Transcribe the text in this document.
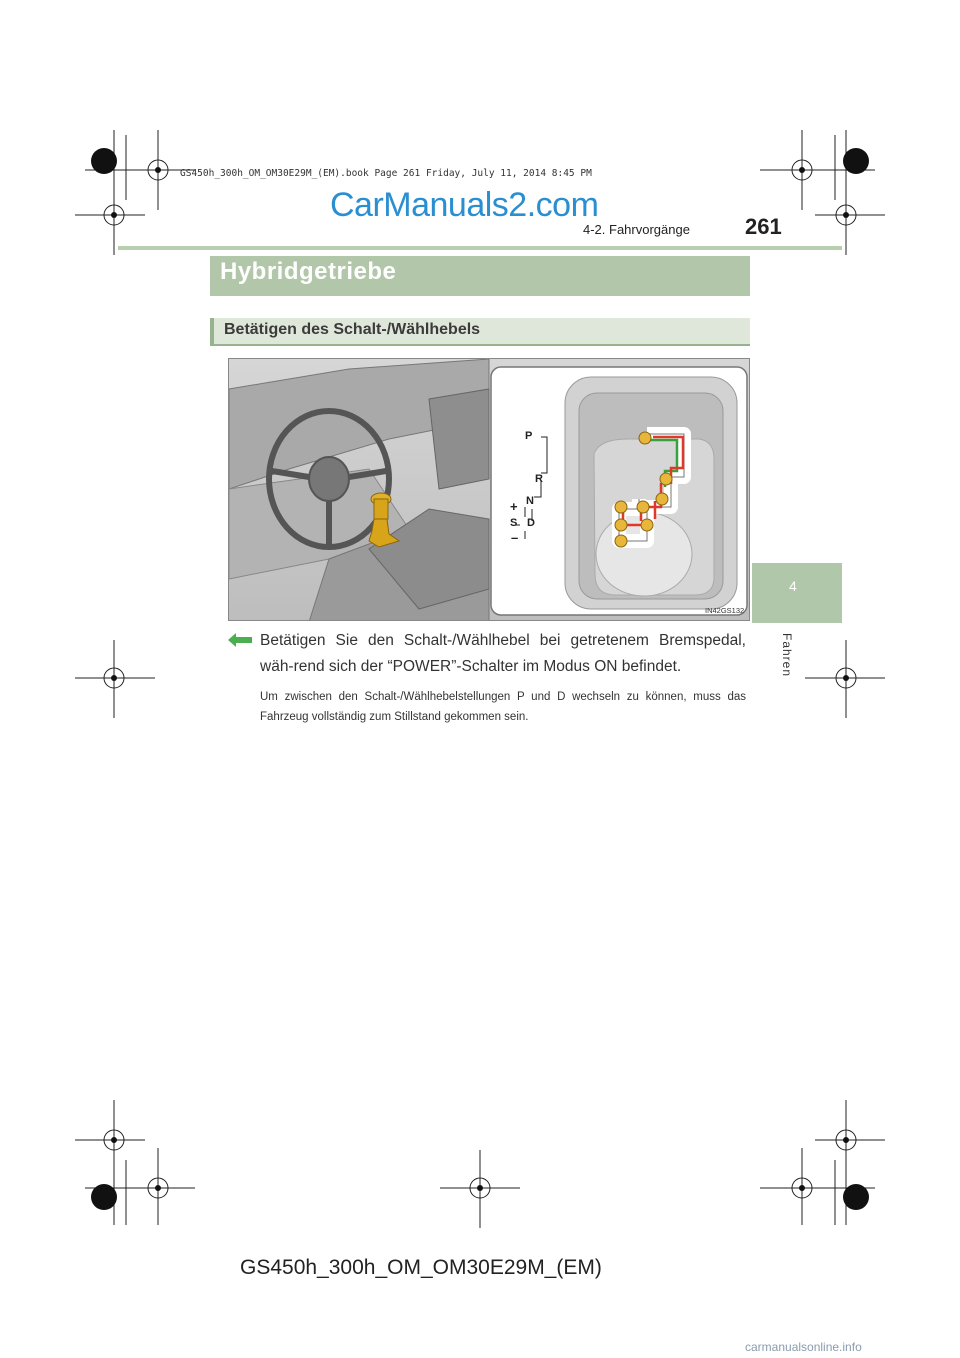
GS450h_300h_OM_OM30E29M_(EM).book Page 261 Friday, July 11, 2014 8:45 PM
CarManuals2.com
4-2. Fahrvorgänge	261
4
Fahren
Hybridgetriebe
Betätigen des Schalt-/Wählhebels
P
R
N
D
S
+
–
IN42GS132
Betätigen Sie den Schalt-/Wählhebel bei getretenem Bremspedal, wäh-rend sich der “POWER”-Schalter im Modus ON befindet.
Um zwischen den Schalt-/Wählhebelstellungen P und D wechseln zu können, muss das Fahrzeug vollständig zum Stillstand gekommen sein.
GS450h_300h_OM_OM30E29M_(EM)
carmanualsonline.info
